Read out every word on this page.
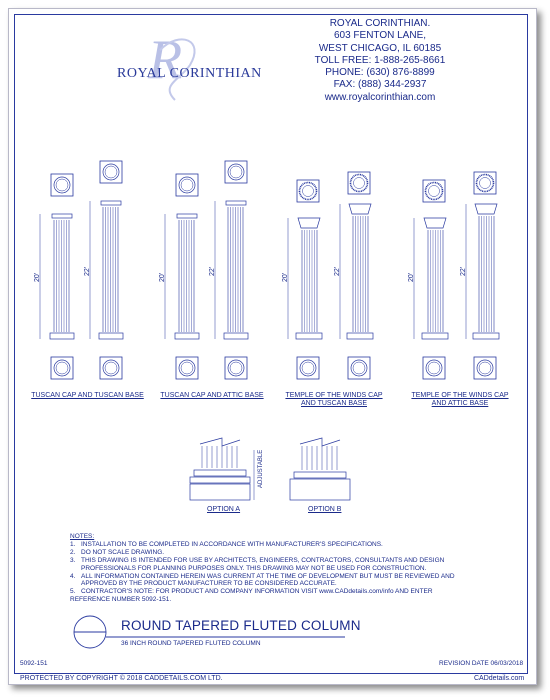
R
ROYAL CORINTHIAN
ROYAL CORINTHIAN.
603 FENTON LANE,
WEST CHICAGO, IL 60185
TOLL FREE: 1-888-265-8661
PHONE: (630) 876-8899
FAX: (888) 344-2937
www.royalcorinthian.com
20'
22'
20'
22'
20'
22'
20'
22'
TUSCAN CAP AND TUSCAN BASE	TUSCAN CAP AND ATTIC BASE	TEMPLE OF THE WINDS CAP AND TUSCAN BASE
TEMPLE OF THE WINDS CAP AND ATTIC BASE
ADJUSTABLE
OPTION A	OPTION B
NOTES:
1. INSTALLATION TO BE COMPLETED IN ACCORDANCE WITH MANUFACTURER'S SPECIFICATIONS.
2. DO NOT SCALE DRAWING.
3. THIS DRAWING IS INTENDED FOR USE BY ARCHITECTS, ENGINEERS, CONTRACTORS, CONSULTANTS AND DESIGN
PROFESSIONALS FOR PLANNING PURPOSES ONLY. THIS DRAWING MAY NOT BE USED FOR CONSTRUCTION.
4. ALL INFORMATION CONTAINED HEREIN WAS CURRENT AT THE TIME OF DEVELOPMENT BUT MUST BE REVIEWED AND
APPROVED BY THE PRODUCT MANUFACTURER TO BE CONSIDERED ACCURATE.
5. CONTRACTOR'S NOTE: FOR PRODUCT AND COMPANY INFORMATION VISIT www.CADdetails.com/info AND ENTER
REFERENCE NUMBER 5092-151.
ROUND TAPERED FLUTED COLUMN
36 INCH ROUND TAPERED FLUTED COLUMN
5092-151	REVISION DATE 06/03/2018
PROTECTED BY COPYRIGHT © 2018 CADDETAILS.COM LTD.	CADdetails.com
